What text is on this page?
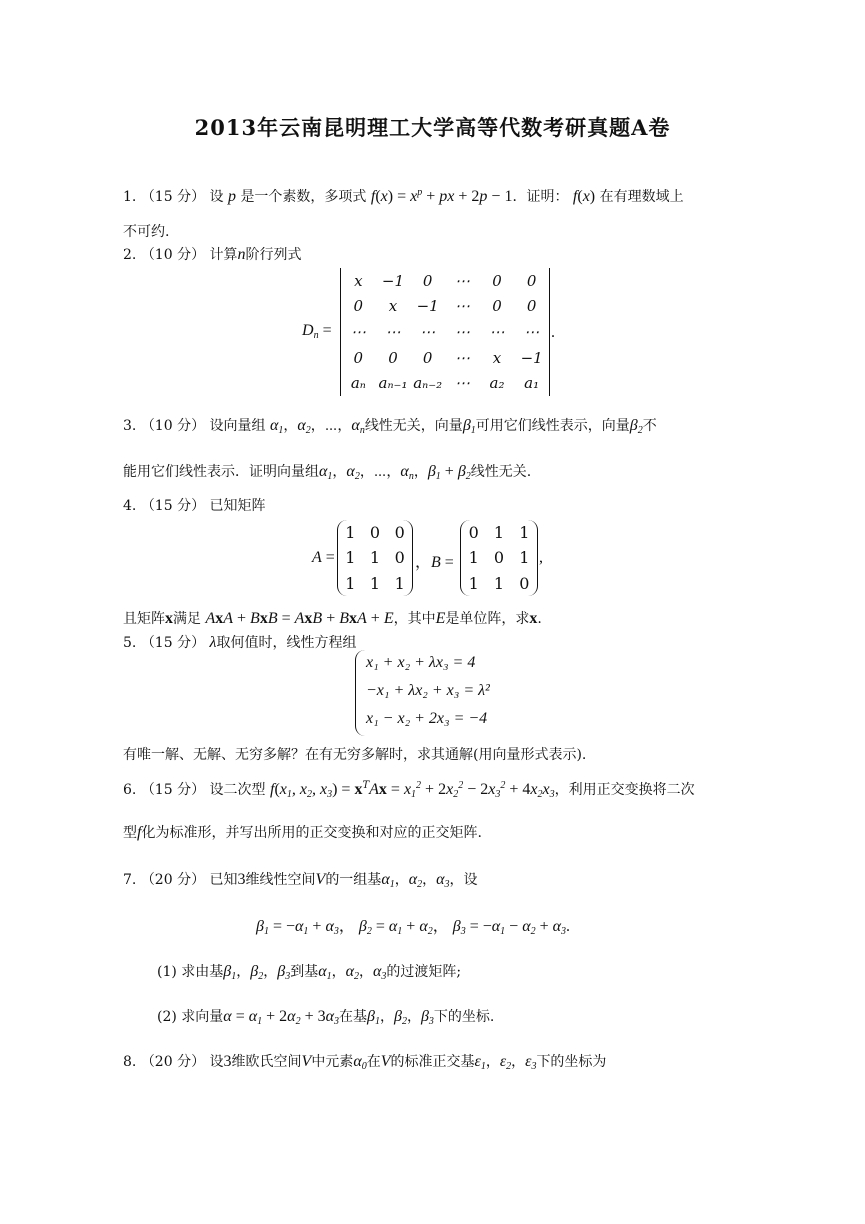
2013年云南昆明理工大学高等代数考研真题A卷
1. （15 分） 设 p 是一个素数，多项式 $f(x) = x^p$ + px + 2p − 1．证明： f(x) 在有理数域上
不可约.
2. （10 分） 计算n阶行列式
$D_n$ =
x	−1	0	⋯	0	0
0	x	−1	⋯	0	0
⋯	⋯	⋯	⋯	⋯	⋯
0	0	0	⋯	x	−1
aₙ aₙ₋₁ aₙ₋₂ ⋯	a₂	a₁
.
3. （10 分） 设向量组 $\alpha_1$，$\alpha_2$，⋯，$\alpha_n$线性无关，向量$\beta_1$可用它们线性表示，向量$\beta_2$不
能用它们线性表示．证明向量组$\alpha_1$，$\alpha_2$，⋯，$\alpha_n$，$\beta_1 + \beta_2$线性无关.
4. （15 分） 已知矩阵
A =
1 0 0
1 1 0
1 1 1
，B =
0 1 1
1 0 1
1 1 0
,
且矩阵x满足 AxA + BxB = AxB + BxA + E，其中E是单位阵，求x.
5. （15 分） λ取何值时，线性方程组
x₁ + x₂ + λx₃ = 4
−x₁ + λx₂ + x₃ = λ²
x₁ − x₂ + 2x₃ = −4
有唯一解、无解、无穷多解？在有无穷多解时，求其通解(用向量形式表示).
6. （15 分） 设二次型 $f(x_1$, $x_2$, $x_3) = x^TAx = x_1^2 + 2x_2^2 - 2x_3^2 + 4x_2x_3$，利用正交变换将二次
型f化为标准形，并写出所用的正交变换和对应的正交矩阵.
7. （20 分） 已知3维线性空间V的一组基$\alpha_1$，$\alpha_2$，$\alpha_3$，设
$\beta_1 = -\alpha_1 + \alpha_3$， $\beta_2 = \alpha_1 + \alpha_2$， $\beta_3 = -\alpha_1 - \alpha_2 + \alpha_3$.
(1) 求由基$\beta_1$，$\beta_2$，$\beta_3$到基$\alpha_1$，$\alpha_2$，$\alpha_3$的过渡矩阵;
(2) 求向量$\alpha = \alpha_1 + 2\alpha_2 + 3\alpha_3$在基$\beta_1$，$\beta_2$，$\beta_3$下的坐标.
8. （20 分） 设3维欧氏空间V中元素$\alpha_0$在V的标准正交基$\varepsilon_1$，$\varepsilon_2$，$\varepsilon_3$下的坐标为
